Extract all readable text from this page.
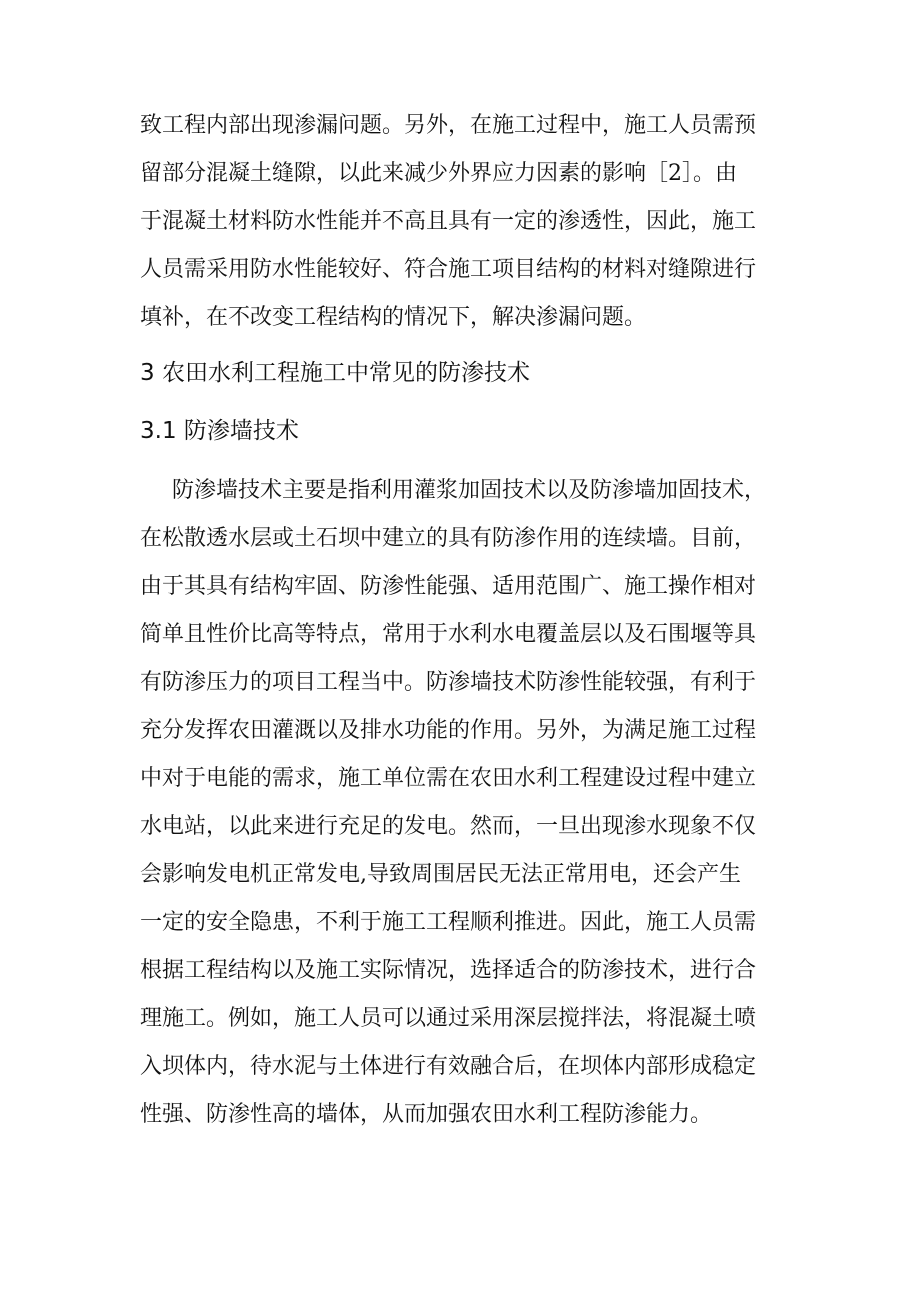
致工程内部出现渗漏问题。另外，在施工过程中，施工人员需预
留部分混凝土缝隙，以此来减少外界应力因素的影响［2］。由
于混凝土材料防水性能并不高且具有一定的渗透性，因此，施工
人员需采用防水性能较好、符合施工项目结构的材料对缝隙进行
填补，在不改变工程结构的情况下，解决渗漏问题。

3 农田水利工程施工中常见的防渗技术
3.1 防渗墙技术

防渗墙技术主要是指利用灌浆加固技术以及防渗墙加固技术，
在松散透水层或土石坝中建立的具有防渗作用的连续墙。目前，
由于其具有结构牢固、防渗性能强、适用范围广、施工操作相对
简单且性价比高等特点，常用于水利水电覆盖层以及石围堰等具
有防渗压力的项目工程当中。防渗墙技术防渗性能较强，有利于
充分发挥农田灌溉以及排水功能的作用。另外，为满足施工过程
中对于电能的需求，施工单位需在农田水利工程建设过程中建立
水电站，以此来进行充足的发电。然而，一旦出现渗水现象不仅
会影响发电机正常发电,导致周围居民无法正常用电，还会产生
一定的安全隐患，不利于施工工程顺利推进。因此，施工人员需
根据工程结构以及施工实际情况，选择适合的防渗技术，进行合
理施工。例如，施工人员可以通过采用深层搅拌法，将混凝土喷
入坝体内，待水泥与土体进行有效融合后，在坝体内部形成稳定
性强、防渗性高的墙体，从而加强农田水利工程防渗能力。
